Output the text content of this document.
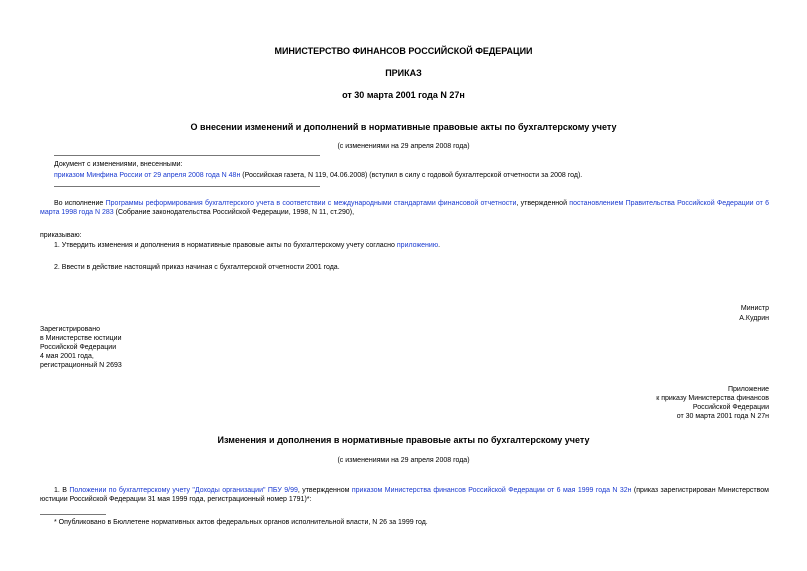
МИНИСТЕРСТВО ФИНАНСОВ РОССИЙСКОЙ ФЕДЕРАЦИИ
ПРИКАЗ
от 30 марта 2001 года N 27н
О внесении изменений и дополнений в нормативные правовые акты по бухгалтерскому учету
(с изменениями на 29 апреля 2008 года)
Документ с изменениями, внесенными:
приказом Минфина России от 29 апреля 2008 года N 48н (Российская газета, N 119, 04.06.2008) (вступил в силу с годовой бухгалтерской отчетности за 2008 год).
Во исполнение Программы реформирования бухгалтерского учета в соответствии с международными стандартами финансовой отчетности, утвержденной постановлением Правительства Российской Федерации от 6 марта 1998 года N 283 (Собрание законодательства Российской Федерации, 1998, N 11, ст.290),
приказываю:
1. Утвердить изменения и дополнения в нормативные правовые акты по бухгалтерскому учету согласно приложению.
2. Ввести в действие настоящий приказ начиная с бухгалтерской отчетности 2001 года.
Министр
А.Кудрин
Зарегистрировано
в Министерстве юстиции
Российской Федерации
4 мая 2001 года,
регистрационный N 2693
Приложение
к приказу Министерства финансов
Российской Федерации
от 30 марта 2001 года N 27н
Изменения и дополнения в нормативные правовые акты по бухгалтерскому учету
(с изменениями на 29 апреля 2008 года)
1. В Положении по бухгалтерскому учету "Доходы организации" ПБУ 9/99, утвержденном приказом Министерства финансов Российской Федерации от 6 мая 1999 года N 32н (приказ зарегистрирован Министерством юстиции Российской Федерации 31 мая 1999 года, регистрационный номер 1791)*:
* Опубликовано в Бюллетене нормативных актов федеральных органов исполнительной власти, N 26 за 1999 год.
